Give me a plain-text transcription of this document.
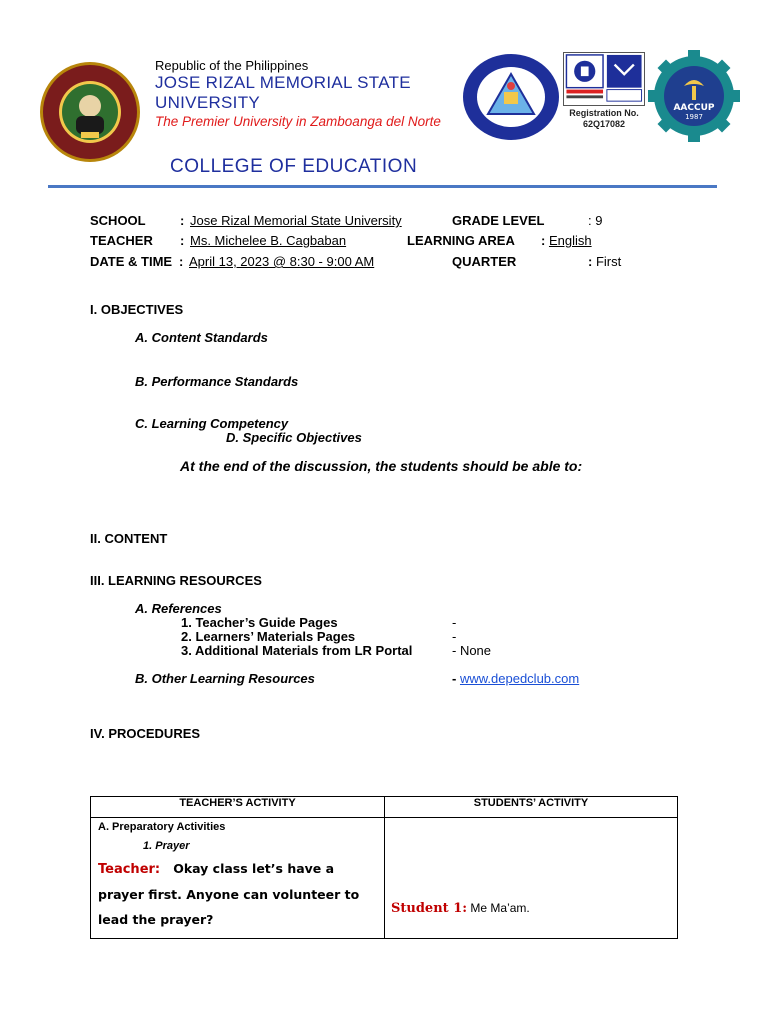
Republic of the Philippines
JOSE RIZAL MEMORIAL STATE UNIVERSITY
The Premier University in Zamboanga del Norte
COLLEGE OF EDUCATION
Registration No.
62Q17082
AACCUP
1987
SCHOOL	: Jose Rizal Memorial State University	GRADE LEVEL	: 9
TEACHER : Ms. Michelee B. Cagbaban	LEARNING AREA : English
DATE & TIME : April 13, 2023 @ 8:30 - 9:00 AM	QUARTER	: First
I. OBJECTIVES
A. Content Standards
B. Performance Standards
C. Learning Competency
D. Specific Objectives
At the end of the discussion, the students should be able to:
II. CONTENT
III. LEARNING RESOURCES
A. References
1. Teacher’s Guide Pages	-
2. Learners’ Materials Pages	-
3. Additional Materials from LR Portal	- None
B. Other Learning Resources	- www.depedclub.com
IV. PROCEDURES
TEACHER’S ACTIVITY	STUDENTS’ ACTIVITY

A. Preparatory Activities
1. Prayer
Teacher: Okay class let’s have a prayer first. Anyone can volunteer to lead the prayer?	Student 1: Me Ma’am.
